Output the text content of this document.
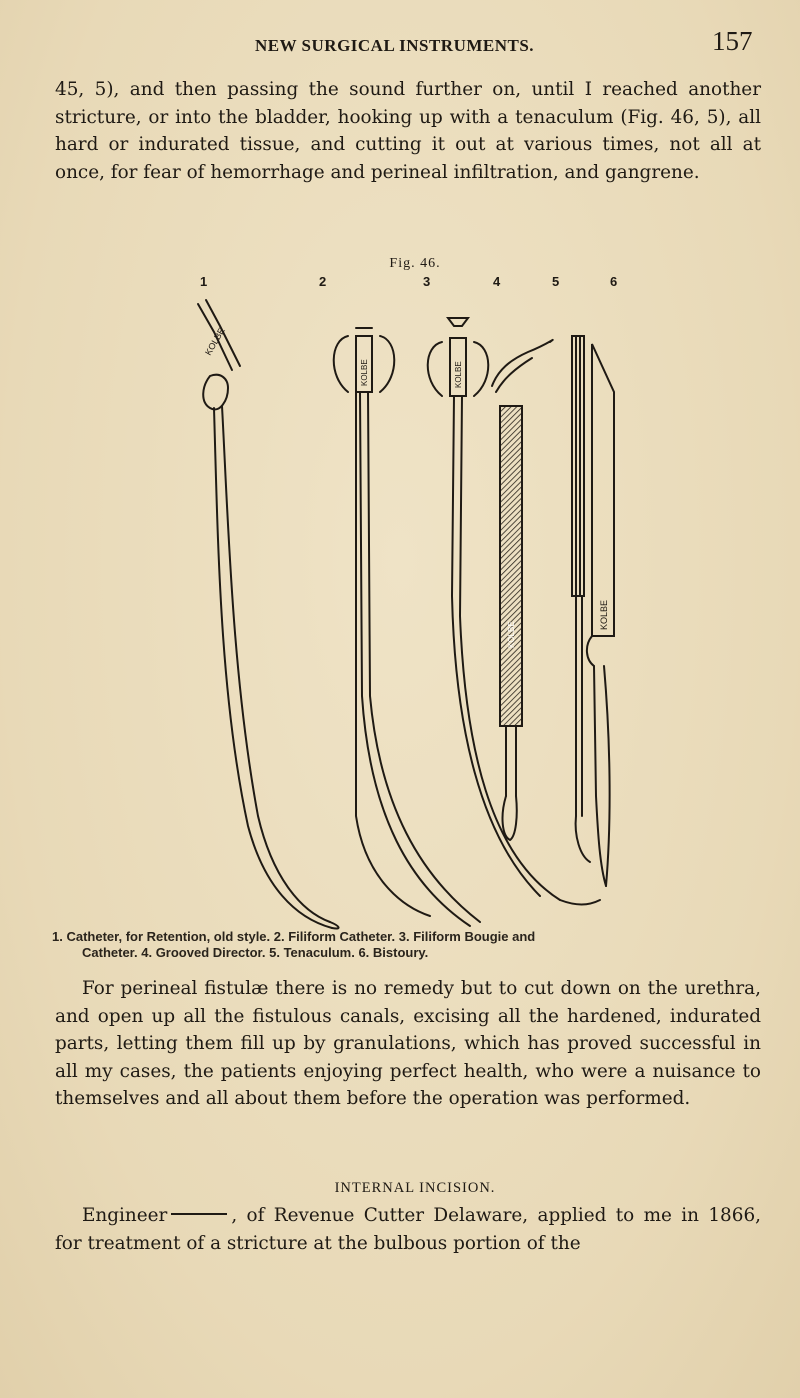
NEW SURGICAL INSTRUMENTS.	157

45, 5), and then passing the sound further on, until I reached another stricture, or into the bladder, hooking up with a tenaculum (Fig. 46, 5), all hard or indurated tissue, and cutting it out at various times, not all at once, for fear of hemorrhage and perineal infiltration, and gangrene.

Fig. 46.
1	2	3	4	5	6
KOLBE
KOLBE	KOLBE
KOLBE
KOLBE
1. Catheter, for Retention, old style. 2. Filiform Catheter. 3. Filiform Bougie and
Catheter. 4. Grooved Director. 5. Tenaculum. 6. Bistoury.

For perineal fistulæ there is no remedy but to cut down on the urethra, and open up all the fistulous canals, excising all the hardened, indurated parts, letting them fill up by granulations, which has proved successful in all my cases, the patients enjoying perfect health, who were a nuisance to themselves and all about them before the operation was performed.

INTERNAL INCISION.

Engineer	, of Revenue Cutter Delaware, applied to me in 1866, for treatment of a stricture at the bulbous portion of the
